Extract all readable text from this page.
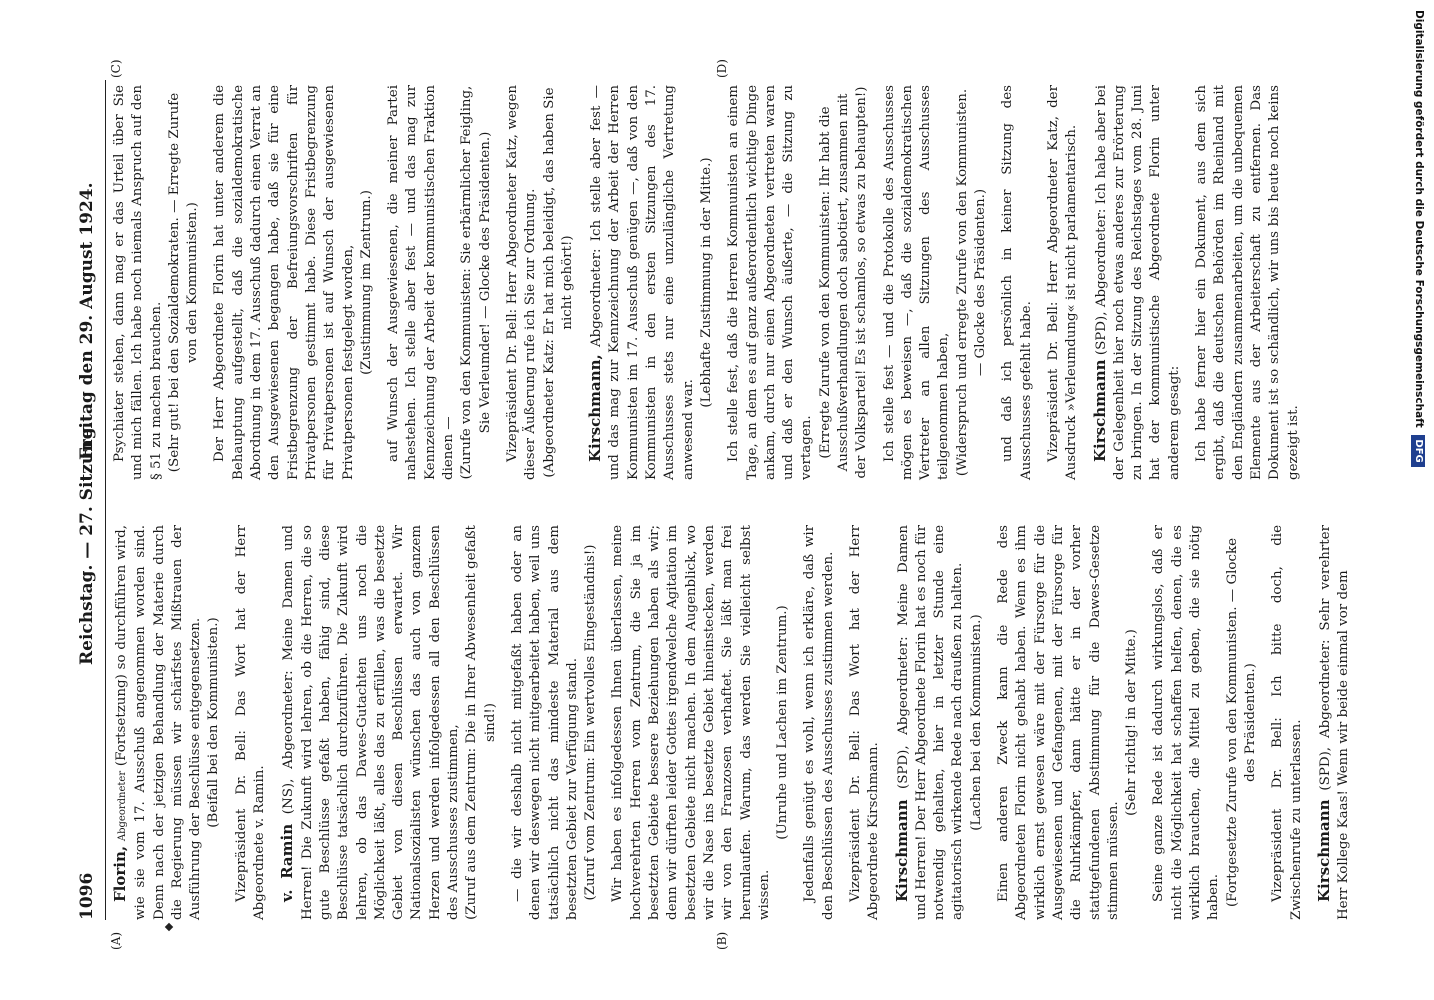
1096
Reichstag. — 27. Sitzung.
Freitag den 29. August 1924.

Florin, Abgeordneter (Fortsetzung) so durchführen wird, wie sie vom 17. Ausschuß angenommen worden sind. Denn nach der jetzigen Behandlung der Materie durch die Regierung müssen wir schärfstes Mißtrauen der Ausführung der Beschlüsse entgegensetzen. (Beifall bei den Kommunisten.) Vizepräsident Dr. Bell: Das Wort hat der Herr Abgeordnete v. Ramin. v. Ramin (NS), Abgeordneter: Meine Damen und Herren! Die Zukunft wird lehren, ob die Herren, die so gute Beschlüsse gefaßt haben, fähig sind, diese Beschlüsse tatsächlich durchzuführen. Die Zukunft wird lehren, ob das Dawes-Gutachten uns noch die Möglichkeit läßt, alles das zu erfüllen, was die besetzte Gebiet von diesen Beschlüssen erwartet. Wir Nationalsozialisten wünschen das auch von ganzem Herzen und werden infolgedessen all den Beschlüssen des Ausschusses zustimmen, (Zuruf aus dem Zentrum: Die in Ihrer Abwesenheit gefaßt sind!) — die wir deshalb nicht mitgefaßt haben oder an denen wir deswegen nicht mitgearbeitet haben, weil uns tatsächlich nicht das mindeste Material aus dem besetzten Gebiet zur Verfügung stand. (Zuruf vom Zentrum: Ein wertvolles Eingeständnis!) Wir haben es infolgedessen Ihnen überlassen, meine hochverehrten Herren vom Zentrum, die Sie ja im besetzten Gebiete bessere Beziehungen haben als wir; denn wir dürften leider Gottes irgendwelche Agitation im besetzten Gebiete nicht machen. In dem Augenblick, wo wir die Nase ins besetzte Gebiet hineinstecken, werden wir von den Franzosen verhaftet. Sie läßt man frei herumlaufen. Warum, das werden Sie vielleicht selbst wissen.

(Unruhe und Lachen im Zentrum.) Jedenfalls genügt es wohl, wenn ich erkläre, daß wir den Beschlüssen des Ausschusses zustimmen werden. Vizepräsident Dr. Bell: Das Wort hat der Herr Abgeordnete Kirschmann. Kirschmann (SPD), Abgeordneter: Meine Damen und Herren! Der Herr Abgeordnete Florin hat es noch für notwendig gehalten, hier in letzter Stunde eine agitatorisch wirkende Rede nach draußen zu halten. (Lachen bei den Kommunisten.) Einen anderen Zweck kann die Rede des Abgeordneten Florin nicht gehabt haben. Wenn es ihm wirklich ernst gewesen wäre mit der Fürsorge für die Ausgewiesenen und Gefangenen, mit der Fürsorge für die Ruhrkämpfer, dann hätte er in der vorher stattgefundenen Abstimmung für die Dawes-Gesetze stimmen müssen.

(Sehr richtig! in der Mitte.) Seine ganze Rede ist dadurch wirkungslos, daß er nicht die Möglichkeit hat schaffen helfen, denen, die es wirklich brauchen, die Mittel zu geben, die sie nötig haben. (Fortgesetzte Zurufe von den Kommunisten. — Glocke des Präsidenten.) Vizepräsident Dr. Bell: Ich bitte doch, die Zwischenrufe zu unterlassen. Kirschmann (SPD), Abgeordneter: Sehr verehrter Herr Kollege Kaas! Wenn wir beide einmal vor dem

Psychiater stehen, dann mag er das Urteil über Sie und mich fällen. Ich habe noch niemals Anspruch auf den § 51 zu machen brauchen. (Sehr gut! bei den Sozialdemokraten. — Erregte Zurufe von den Kommunisten.) Der Herr Abgeordnete Florin hat unter anderem die Behauptung aufgestellt, daß die sozialdemokratische Abordnung in dem 17. Ausschuß dadurch einen Verrat an den Ausgewiesenen begangen habe, daß sie für eine Fristbegrenzung der Befreiungsvorschriften für Privatpersonen gestimmt habe. Diese Fristbegrenzung für Privatpersonen ist auf Wunsch der ausgewiesenen Privatpersonen festgelegt worden, (Zustimmung im Zentrum.) auf Wunsch der Ausgewiesenen, die meiner Partei nahestehen. Ich stelle aber fest — und das mag zur Kennzeichnung der Arbeit der kommunistischen Fraktion dienen — (Zurufe von den Kommunisten: Sie erbärmlicher Feigling, Sie Verleumder! — Glocke des Präsidenten.) Vizepräsident Dr. Bell: Herr Abgeordneter Katz, wegen dieser Äußerung rufe ich Sie zur Ordnung. (Abgeordneter Katz: Er hat mich beleidigt, das haben Sie nicht gehört!)

Kirschmann, Abgeordneter: Ich stelle aber fest — und das mag zur Kennzeichnung der Arbeit der Herren Kommunisten im 17. Ausschuß genügen —, daß von den Kommunisten in den ersten Sitzungen des 17. Ausschusses stets nur eine unzulängliche Vertretung anwesend war.

(Lebhafte Zustimmung in der Mitte.) Ich stelle fest, daß die Herren Kommunisten an einem Tage, an dem es auf ganz außerordentlich wichtige Dinge ankam, durch nur einen Abgeordneten vertreten waren und daß er den Wunsch äußerte, — die Sitzung zu vertagen. (Erregte Zurufe von den Kommunisten: Ihr habt die Ausschußverhandlungen doch sabotiert, zusammen mit der Volkspartei! Es ist schamlos, so etwas zu behaupten!) Ich stelle fest — und die Protokolle des Ausschusses mögen es beweisen —, daß die sozialdemokratischen Vertreter an allen Sitzungen des Ausschusses teilgenommen haben, (Widerspruch und erregte Zurufe von den Kommunisten. — Glocke des Präsidenten.) und daß ich persönlich in keiner Sitzung des Ausschusses gefehlt habe. Vizepräsident Dr. Bell: Herr Abgeordneter Katz, der Ausdruck »Verleumdung« ist nicht parlamentarisch. Kirschmann (SPD), Abgeordneter: Ich habe aber bei der Gelegenheit hier noch etwas anderes zur Erörterung zu bringen. In der Sitzung des Reichstages vom 28. Juni hat der kommunistische Abgeordnete Florin unter anderem gesagt: Ich habe ferner hier ein Dokument, aus dem sich ergibt, daß die deutschen Behörden im Rheinland mit den Engländern zusammenarbeiten, um die unbequemen Elemente aus der Arbeiterschaft zu entfernen. Das Dokument ist so schändlich, wir uns bis heute noch keins gezeigt ist.

(A)	(B)
(C)	(D)	Digitalisierung gefördert durch die Deutsche Forschungsgemeinschaft DFG
